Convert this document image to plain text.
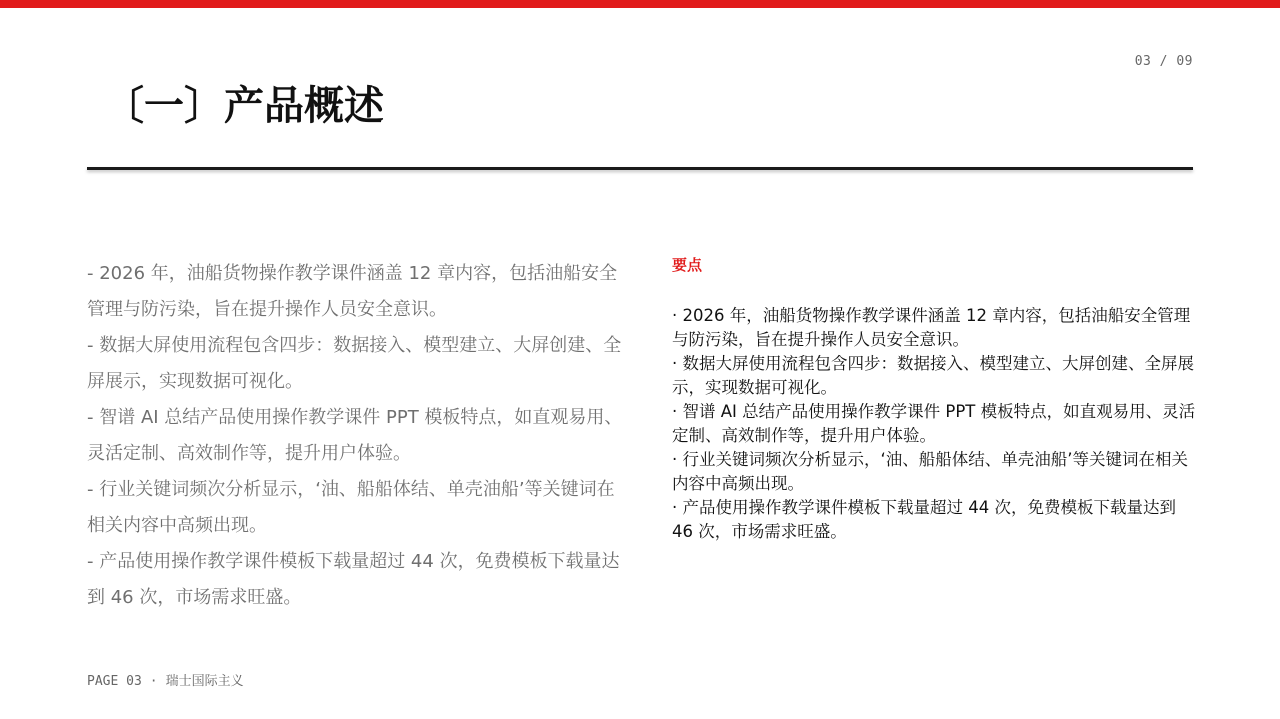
03 / 09
〔一〕产品概述
- 2026 年，油船货物操作教学课件涵盖 12 章内容，包括油船安全管理与防污染，旨在提升操作人员安全意识。
- 数据大屏使用流程包含四步：数据接入、模型建立、大屏创建、全屏展示，实现数据可视化。
- 智谱 AI 总结产品使用操作教学课件 PPT 模板特点，如直观易用、灵活定制、高效制作等，提升用户体验。
- 行业关键词频次分析显示，‘油、船船体结、单壳油船’等关键词在相关内容中高频出现。
- 产品使用操作教学课件模板下载量超过 44 次，免费模板下载量达到 46 次，市场需求旺盛。
要点
· 2026 年，油船货物操作教学课件涵盖 12 章内容，包括油船安全管理与防污染，旨在提升操作人员安全意识。
· 数据大屏使用流程包含四步：数据接入、模型建立、大屏创建、全屏展示，实现数据可视化。
· 智谱 AI 总结产品使用操作教学课件 PPT 模板特点，如直观易用、灵活定制、高效制作等，提升用户体验。
· 行业关键词频次分析显示，‘油、船船体结、单壳油船’等关键词在相关内容中高频出现。
· 产品使用操作教学课件模板下载量超过 44 次，免费模板下载量达到 46 次，市场需求旺盛。
PAGE 03 · 瑞士国际主义
